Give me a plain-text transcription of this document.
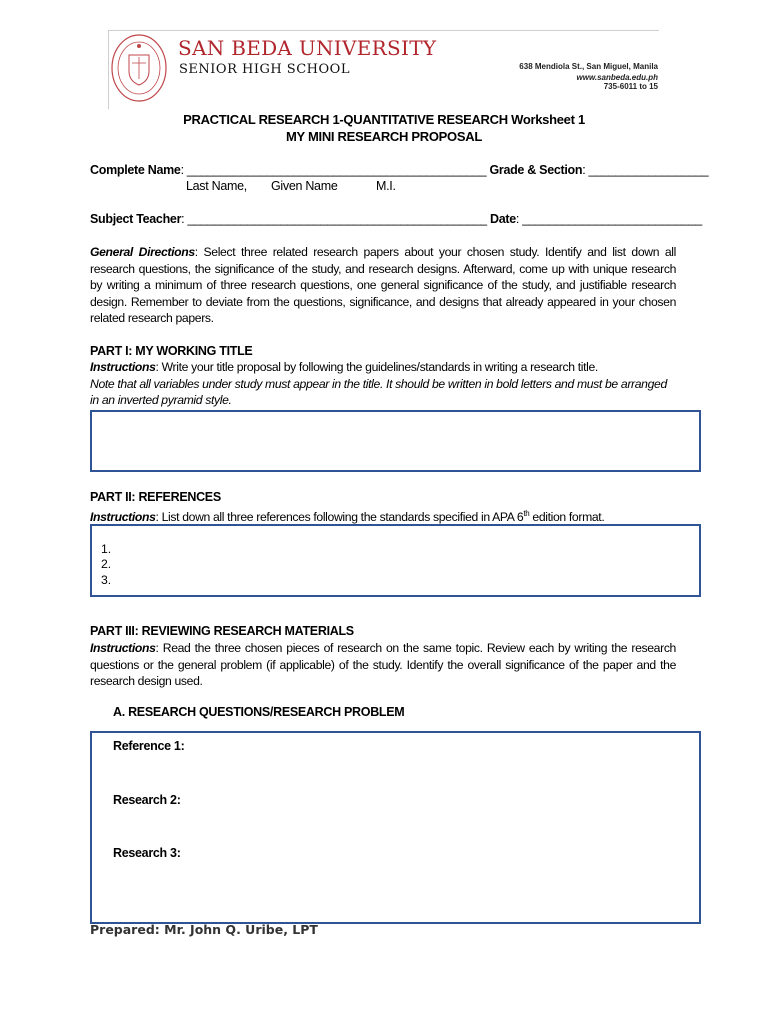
SAN BEDA UNIVERSITY
SENIOR HIGH SCHOOL	638 Mendiola St., San Miguel, Manila
www.sanbeda.edu.ph
735-6011 to 15
PRACTICAL RESEARCH 1-QUANTITATIVE RESEARCH Worksheet 1
MY MINI RESEARCH PROPOSAL
Complete Name: _____________________________________________ Grade & Section: __________________
Last Name, Given Name	M.I.
Subject Teacher: _____________________________________________ Date: ___________________________
General Directions: Select three related research papers about your chosen study. Identify and list down all research questions, the significance of the study, and research designs. Afterward, come up with unique research by writing a minimum of three research questions, one general significance of the study, and justifiable research design. Remember to deviate from the questions, significance, and designs that already appeared in your chosen related research papers.
PART I: MY WORKING TITLE
Instructions: Write your title proposal by following the guidelines/standards in writing a research title.
Note that all variables under study must appear in the title. It should be written in bold letters and must be arranged in an inverted pyramid style.
PART II: REFERENCES
Instructions: List down all three references following the standards specified in APA 6th edition format.
1.
2.
3.
PART III: REVIEWING RESEARCH MATERIALS
Instructions: Read the three chosen pieces of research on the same topic. Review each by writing the research questions or the general problem (if applicable) of the study. Identify the overall significance of the paper and the research design used.
A. RESEARCH QUESTIONS/RESEARCH PROBLEM
Reference 1:
Research 2:
Research 3:
Prepared: Mr. John Q. Uribe, LPT
